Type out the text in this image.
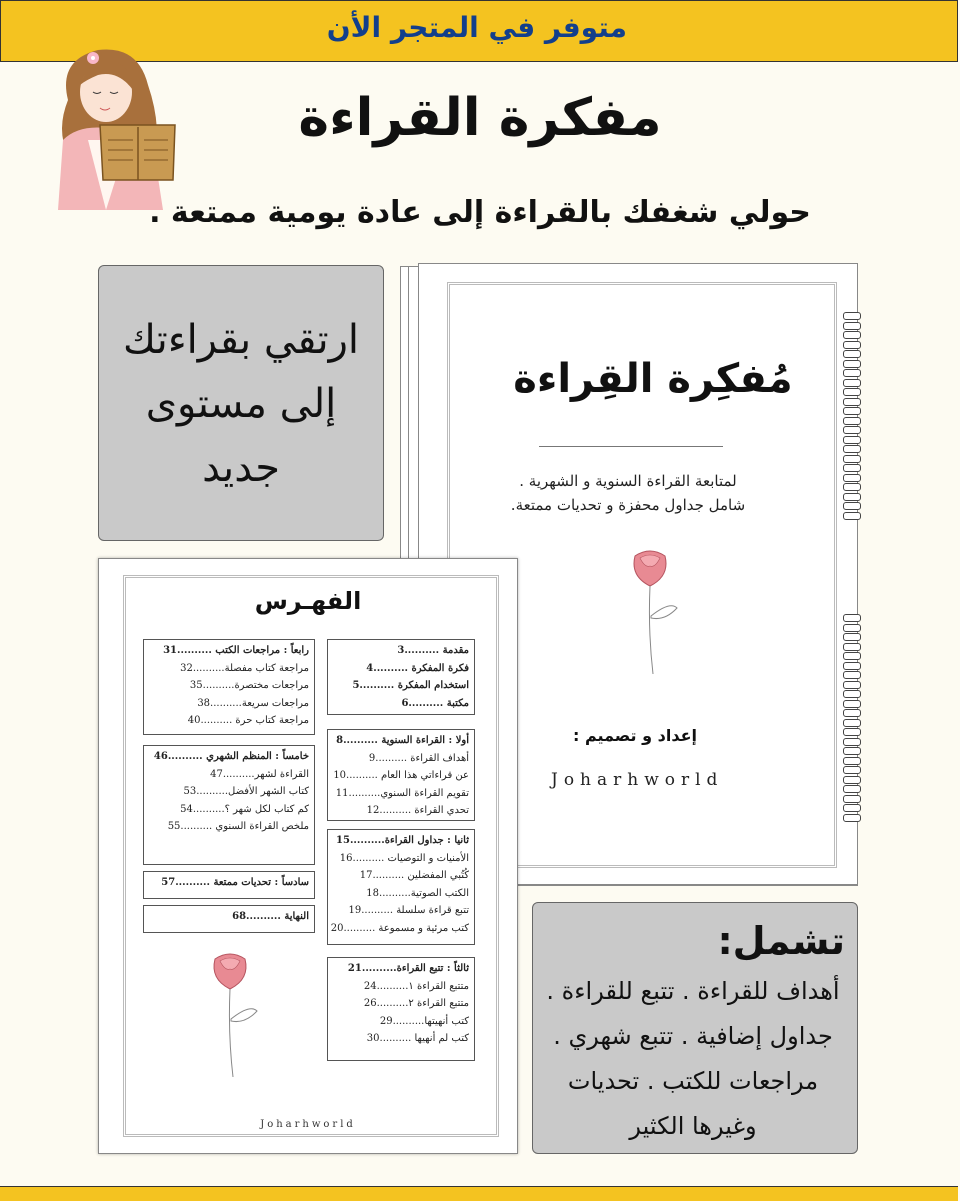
متوفر في المتجر الأن
مفكرة القراءة
حولي شغفك بالقراءة إلى عادة يومية ممتعة .
ارتقي بقراءتك
إلى مستوى
جديد
مُفكِرة القِراءة
لمتابعة القراءة السنوية و الشهرية .
شامل جداول محفزة و تحديات ممتعة.
إعداد و تصميم :
Joharhworld
الفهـرس
مقدمة ..........3
فكرة المفكرة ..........4
استخدام المفكرة ..........5
مكتبة ..........6
أولا : القراءة السنوية ..........8
أهداف القراءة ..........9
عن قراءاتي هذا العام ..........10
تقويم القراءة السنوي..........11
تحدي القراءة ..........12
ثانيا : جداول القراءة..........15
الأمنيات و التوصيات ..........16
كُتُبي المفضلين ..........17
الكتب الصوتية..........18
تتبع قراءة سلسلة ..........19
كتب مرئية و مسموعة ..........20
ثالثاً : تتبع القراءة..........21
متتبع القراءة ١..........24
متتبع القراءة ٢..........26
كتب أنهيتها..........29
كتب لم أنهيها ..........30
رابعاً : مراجعات الكتب ..........31
مراجعة كتاب مفصلة..........32
مراجعات مختصرة..........35
مراجعات سريعة..........38
مراجعة كتاب حرة ..........40
خامساً : المنظم الشهري ..........46
القراءة لشهر..........47
كتاب الشهر الأفضل..........53
كم كتاب لكل شهر ؟..........54
ملخص القراءة السنوي ..........55
سادساً : تحديات ممتعة ..........57
النهاية ..........68
Joharhworld
تشمل:
أهداف للقراءة . تتبع للقراءة .
جداول إضافية . تتبع شهري .
مراجعات للكتب . تحديات
وغيرها الكثير
